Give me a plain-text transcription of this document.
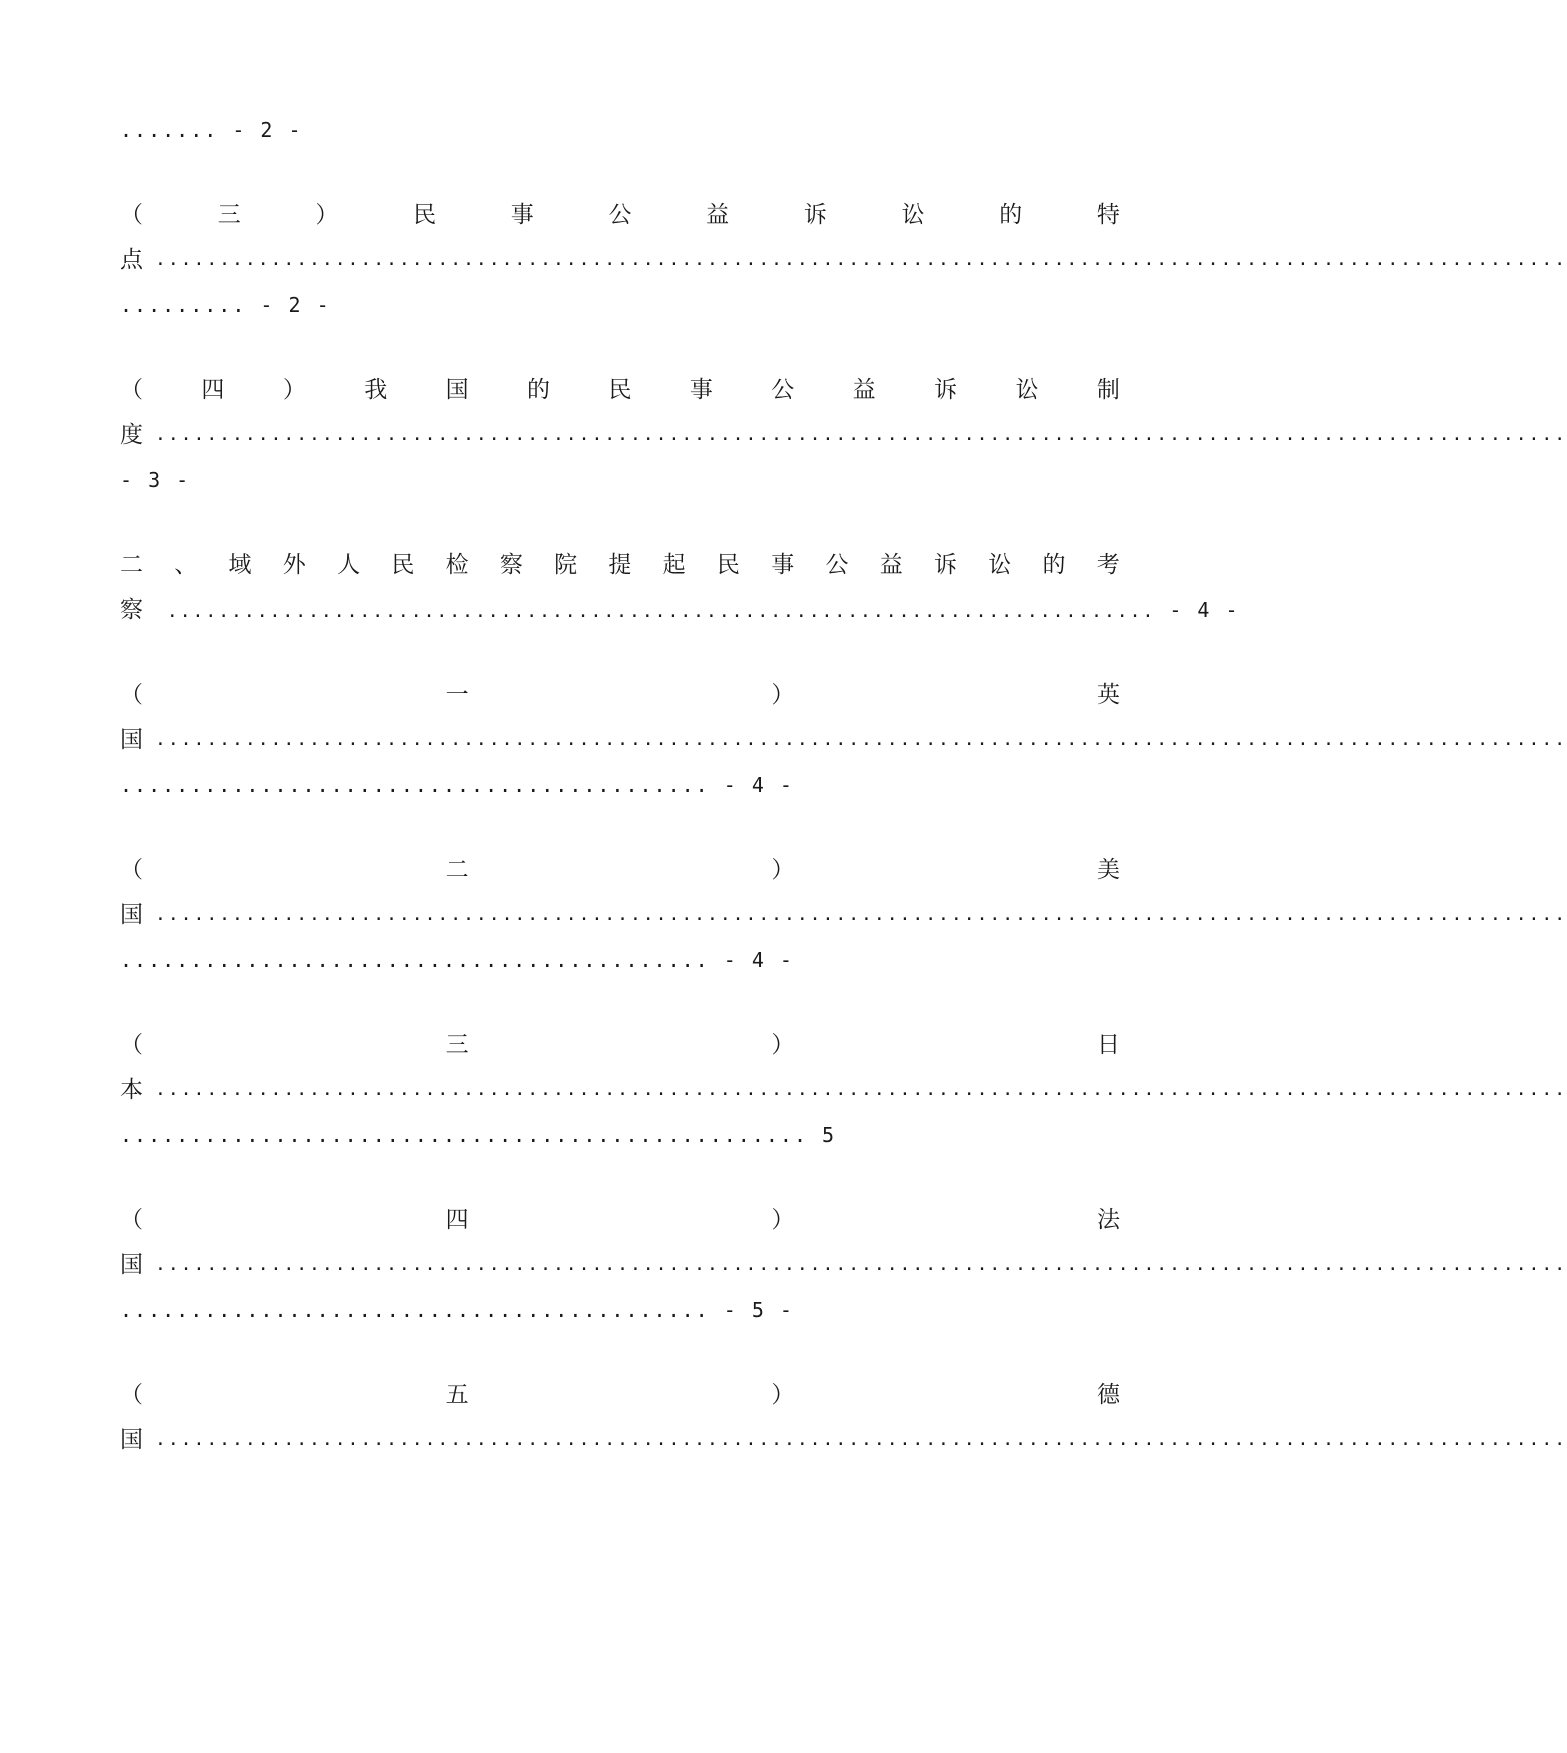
....... - 2 -
（	三	）	民	事	公	益	诉	讼	的	特
点 ..............................................................................................................
......... - 2 -
（	四	）	我	国	的	民	事	公	益	诉	讼	制
度 ..............................................................................................................
- 3 -
二 、 域 外 人 民 检 察 院 提 起 民 事 公 益 诉 讼 的 考
察 ............................................................................. - 4 -
（	一	）	英
国 ..............................................................................................................
.......................................... - 4 -
（	二	）	美
国 ..............................................................................................................
.......................................... - 4 -
（	三	）	日
本 ..............................................................................................................
................................................. 5
（	四	）	法
国 ..............................................................................................................
.......................................... - 5 -
（	五	）	德
国 ..............................................................................................................
